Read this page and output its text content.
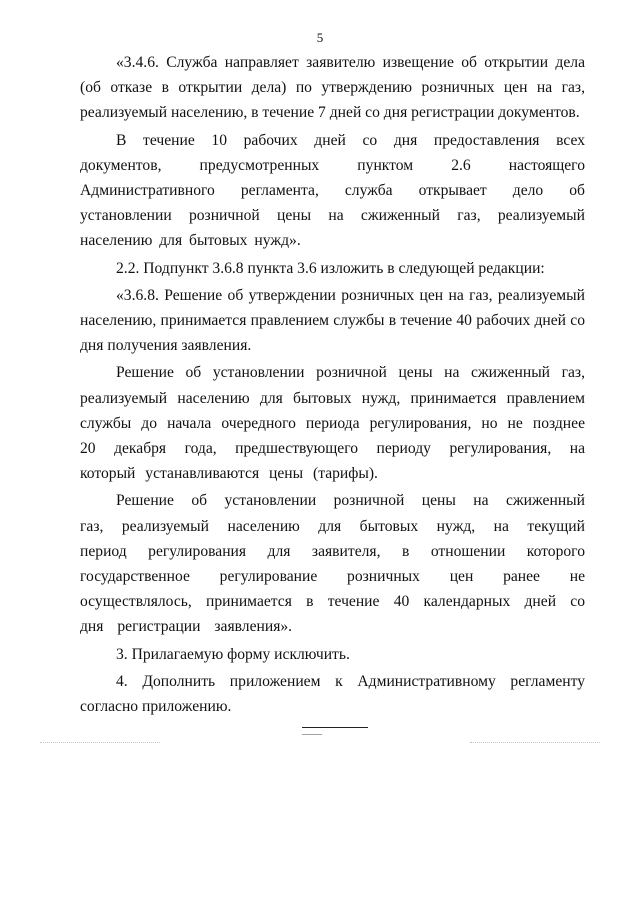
5

«3.4.6. Служба направляет заявителю извещение об открытии дела (об отказе в открытии дела) по утверждению розничных цен на газ, реализуемый населению, в течение 7 дней со дня регистрации документов.

В течение 10 рабочих дней со дня предоставления всех документов, предусмотренных пунктом 2.6 настоящего Административного регламента, служба открывает дело об установлении розничной цены на сжиженный газ, реализуемый населению для бытовых нужд».

2.2. Подпункт 3.6.8 пункта 3.6 изложить в следующей редакции:

«3.6.8. Решение об утверждении розничных цен на газ, реализуемый населению, принимается правлением службы в течение 40 рабочих дней со дня получения заявления.

Решение об установлении розничной цены на сжиженный газ, реализуемый населению для бытовых нужд, принимается правлением службы до начала очередного периода регулирования, но не позднее 20 декабря года, предшествующего периоду регулирования, на который устанавливаются цены (тарифы).

Решение об установлении розничной цены на сжиженный газ, реализуемый населению для бытовых нужд, на текущий период регулирования для заявителя, в отношении которого государственное регулирование розничных цен ранее не осуществлялось, принимается в течение 40 календарных дней со дня регистрации заявления».

3. Прилагаемую форму исключить.

4. Дополнить приложением к Административному регламенту согласно приложению.
